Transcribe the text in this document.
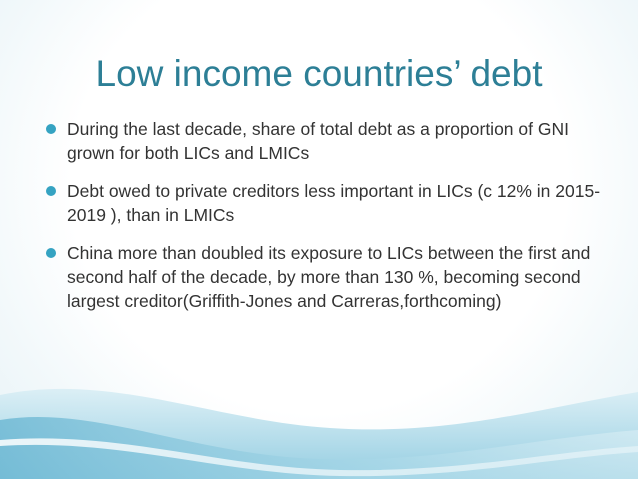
Low income countries’ debt
During the last decade, share of total debt as a proportion of GNI grown for both LICs and LMICs
Debt owed to private creditors less important in LICs (c 12% in 2015-2019 ), than in LMICs
China more than doubled its exposure to LICs between the first and second half of the decade, by more than 130 %, becoming second largest creditor(Griffith-Jones and Carreras,forthcoming)
